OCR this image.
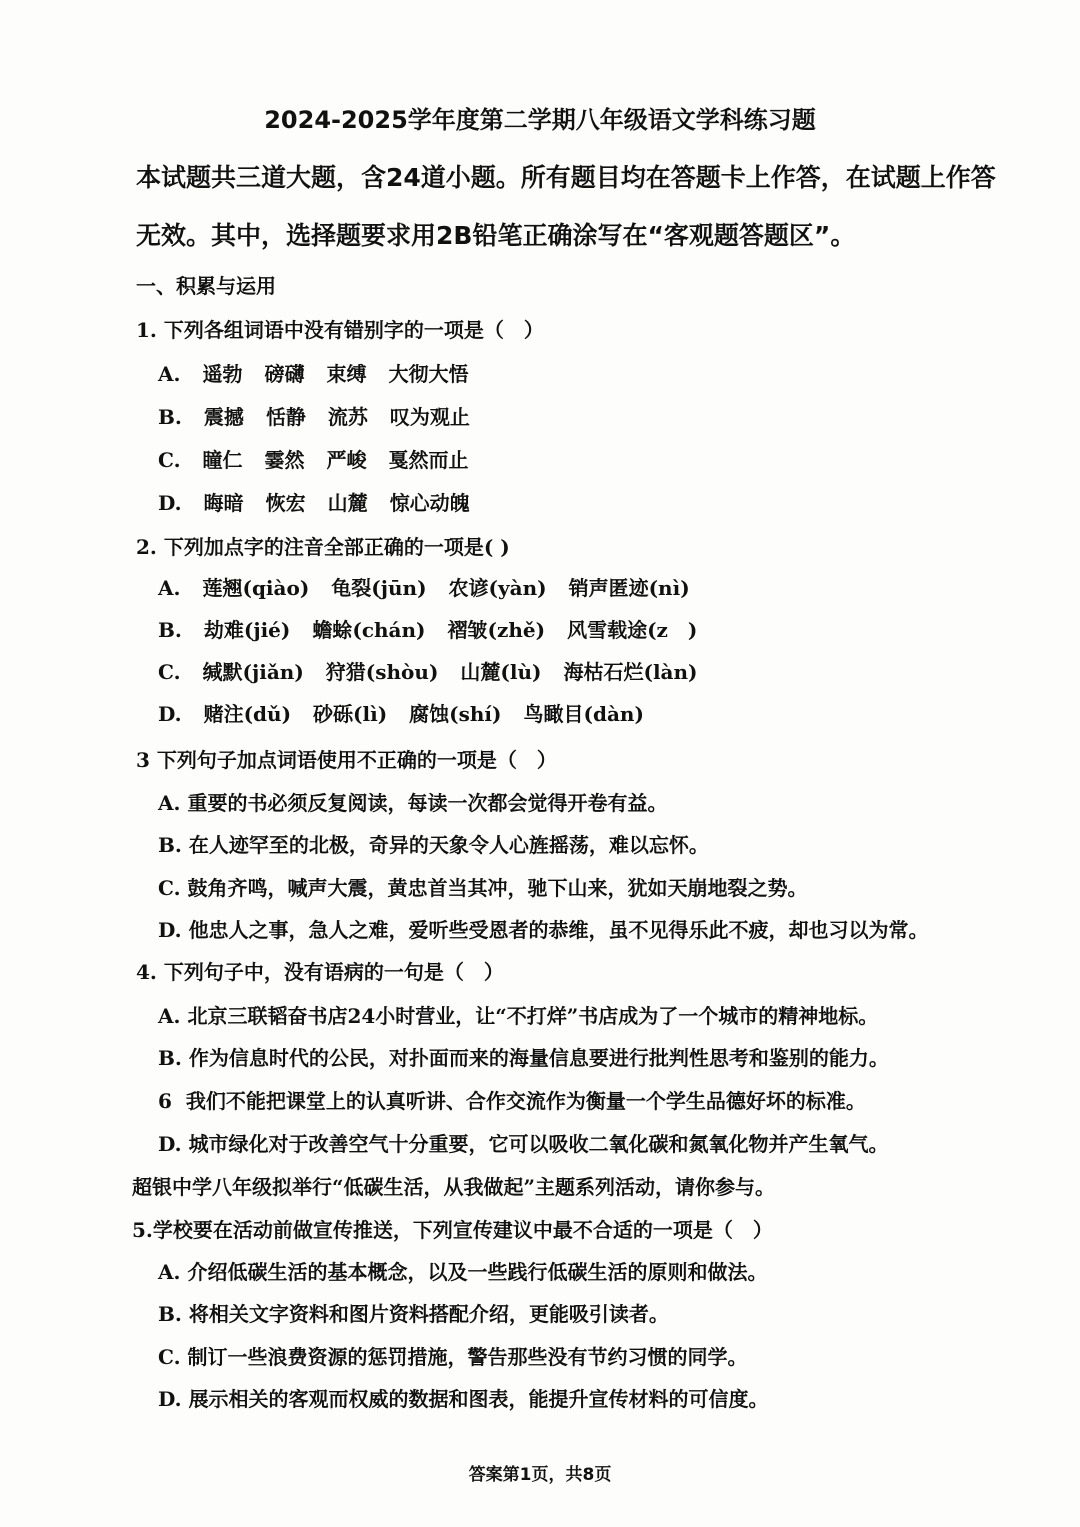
2024-2025学年度第二学期八年级语文学科练习题
本试题共三道大题，含24道小题。所有题目均在答题卡上作答，在试题上作答
无效。其中，选择题要求用2B铅笔正确涂写在“客观题答题区”。
一、积累与运用
1. 下列各组词语中没有错别字的一项是（　）
A. 遥勃 磅礴 束缚 大彻大悟
B. 震撼 恬静 流苏 叹为观止
C. 瞳仁 霎然 严峻 戛然而止
D. 晦暗 恢宏 山麓 惊心动魄
2. 下列加点字的注音全部正确的一项是( )
A. 莲翘(qiào) 龟裂(jūn) 农谚(yàn) 销声匿迹(nì)
B. 劫难(jié) 蟾蜍(chán) 褶皱(zhě) 风雪载途(z　)
C. 缄默(jiǎn) 狩猎(shòu) 山麓(lù) 海枯石烂(làn)
D. 赌注(dǔ) 砂砾(lì) 腐蚀(shí) 鸟瞰目(dàn)
3 下列句子加点词语使用不正确的一项是（　）
A. 重要的书必须反复阅读，每读一次都会觉得开卷有益。
B. 在人迹罕至的北极，奇异的天象令人心旌摇荡，难以忘怀。
C. 鼓角齐鸣，喊声大震，黄忠首当其冲，驰下山来，犹如天崩地裂之势。
D. 他忠人之事，急人之难，爱听些受恩者的恭维，虽不见得乐此不疲，却也习以为常。
4. 下列句子中，没有语病的一句是（　）
A. 北京三联韬奋书店24小时营业，让“不打烊”书店成为了一个城市的精神地标。
B. 作为信息时代的公民，对扑面而来的海量信息要进行批判性思考和鉴别的能力。
6 我们不能把课堂上的认真听讲、合作交流作为衡量一个学生品德好坏的标准。
D. 城市绿化对于改善空气十分重要，它可以吸收二氧化碳和氮氧化物并产生氧气。
超银中学八年级拟举行“低碳生活，从我做起”主题系列活动，请你参与。
5.学校要在活动前做宣传推送，下列宣传建议中最不合适的一项是（　）
A. 介绍低碳生活的基本概念，以及一些践行低碳生活的原则和做法。
B. 将相关文字资料和图片资料搭配介绍，更能吸引读者。
C. 制订一些浪费资源的惩罚措施，警告那些没有节约习惯的同学。
D. 展示相关的客观而权威的数据和图表，能提升宣传材料的可信度。
答案第1页，共8页
